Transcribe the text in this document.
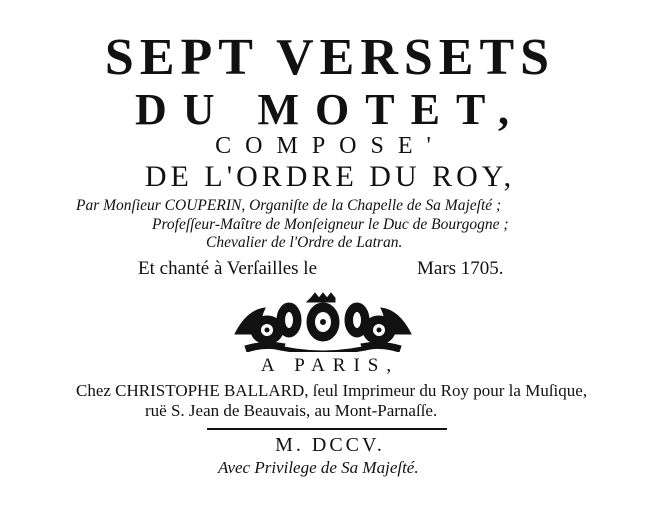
SEPT VERSETS
DU MOTET,
COMPOSE'
DE L'ORDRE DU ROY,
Par Monſieur COUPERIN, Organiſte de la Chapelle de Sa Majeſté ;
Profeſſeur-Maître de Monſeigneur le Duc de Bourgogne ;
Chevalier de l'Ordre de Latran.
Et chanté à Verſailles le	Mars 1705.
A PARIS,
Chez CHRISTOPHE BALLARD, ſeul Imprimeur du Roy pour la Muſique,
ruë S. Jean de Beauvais, au Mont-Parnaſſe.
M. DCCV.
Avec Privilege de Sa Majeſté.
